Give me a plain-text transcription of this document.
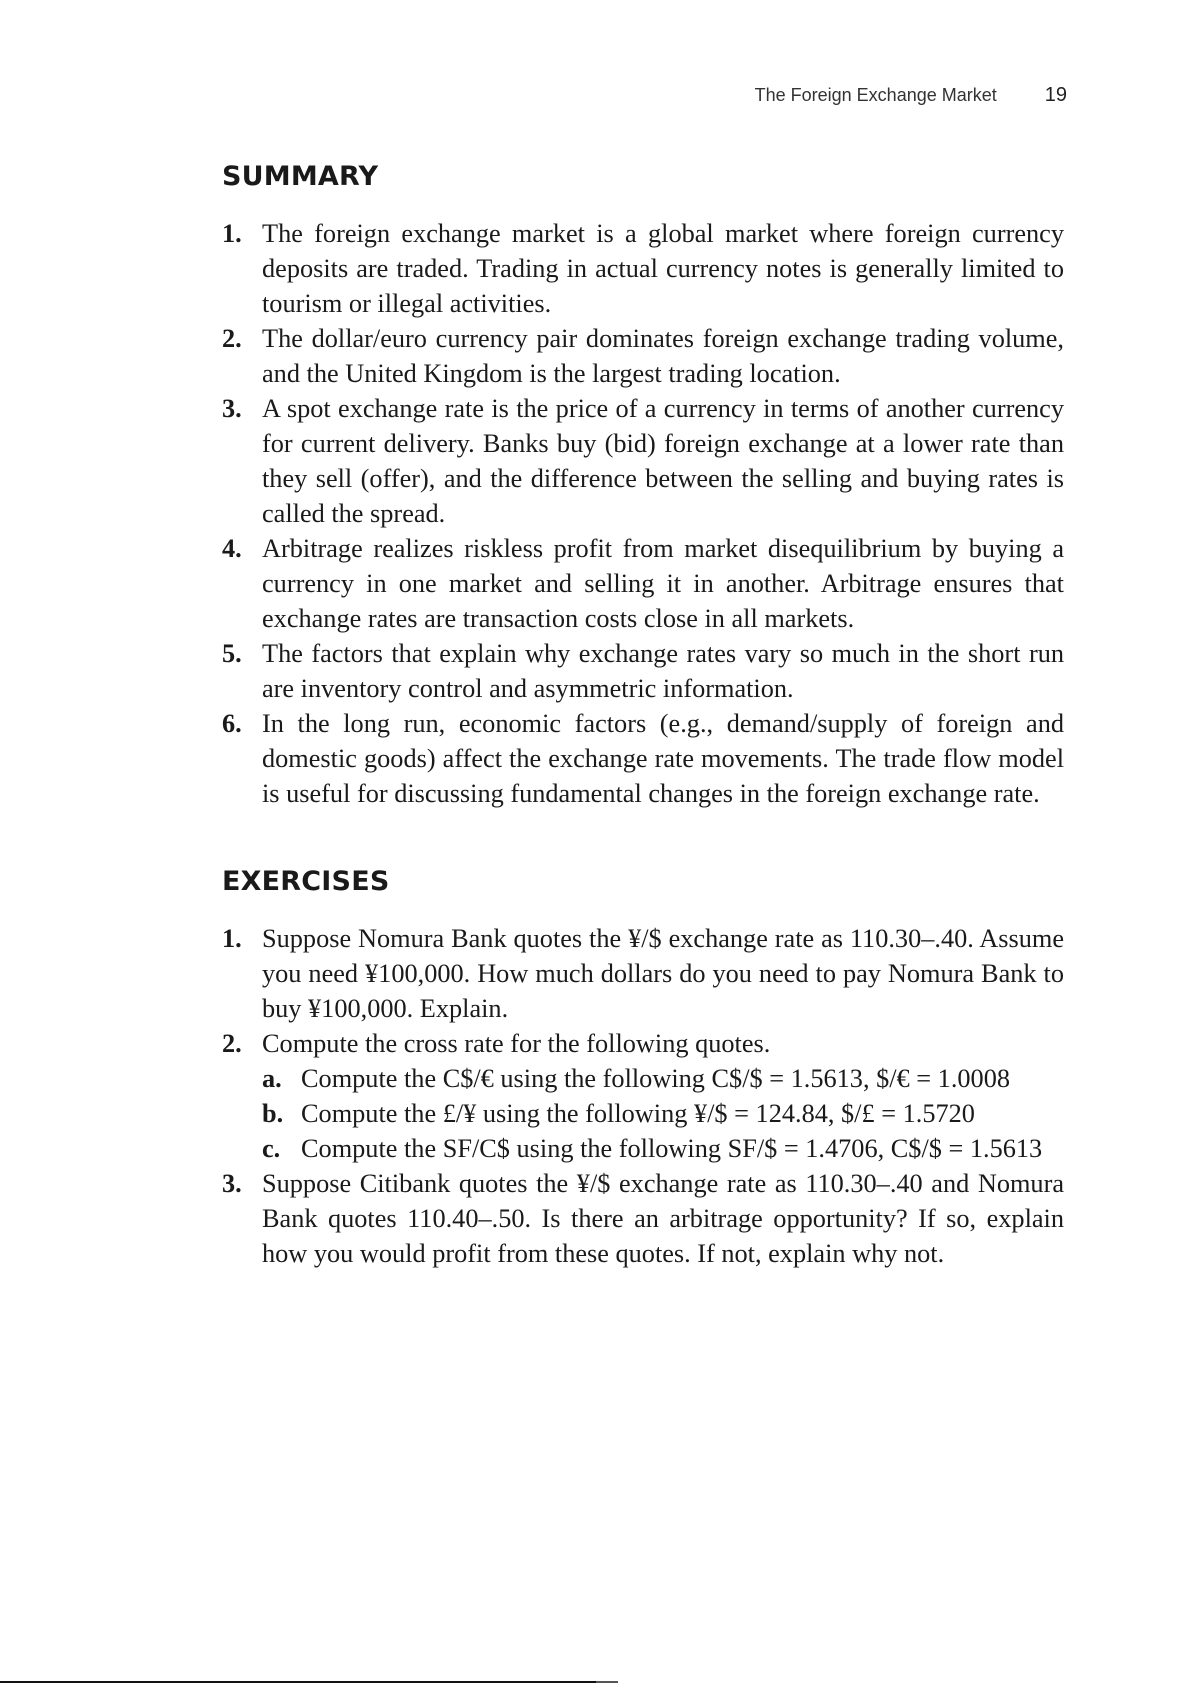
The Foreign Exchange Market 19
SUMMARY
1. The foreign exchange market is a global market where foreign currency deposits are traded. Trading in actual currency notes is generally limited to tourism or illegal activities.
2. The dollar/euro currency pair dominates foreign exchange trading volume, and the United Kingdom is the largest trading location.
3. A spot exchange rate is the price of a currency in terms of another currency for current delivery. Banks buy (bid) foreign exchange at a lower rate than they sell (offer), and the difference between the selling and buying rates is called the spread.
4. Arbitrage realizes riskless profit from market disequilibrium by buying a currency in one market and selling it in another. Arbitrage ensures that exchange rates are transaction costs close in all markets.
5. The factors that explain why exchange rates vary so much in the short run are inventory control and asymmetric information.
6. In the long run, economic factors (e.g., demand/supply of foreign and domestic goods) affect the exchange rate movements. The trade flow model is useful for discussing fundamental changes in the foreign exchange rate.
EXERCISES
1. Suppose Nomura Bank quotes the ¥/$ exchange rate as 110.30–.40. Assume you need ¥100,000. How much dollars do you need to pay Nomura Bank to buy ¥100,000. Explain.
2. Compute the cross rate for the following quotes.
a. Compute the C$/€ using the following C$/$ = 1.5613, $/€ = 1.0008
b. Compute the £/¥ using the following ¥/$ = 124.84, $/£ = 1.5720
c. Compute the SF/C$ using the following SF/$ = 1.4706, C$/$ = 1.5613
3. Suppose Citibank quotes the ¥/$ exchange rate as 110.30–.40 and Nomura Bank quotes 110.40–.50. Is there an arbitrage opportunity? If so, explain how you would profit from these quotes. If not, explain why not.
